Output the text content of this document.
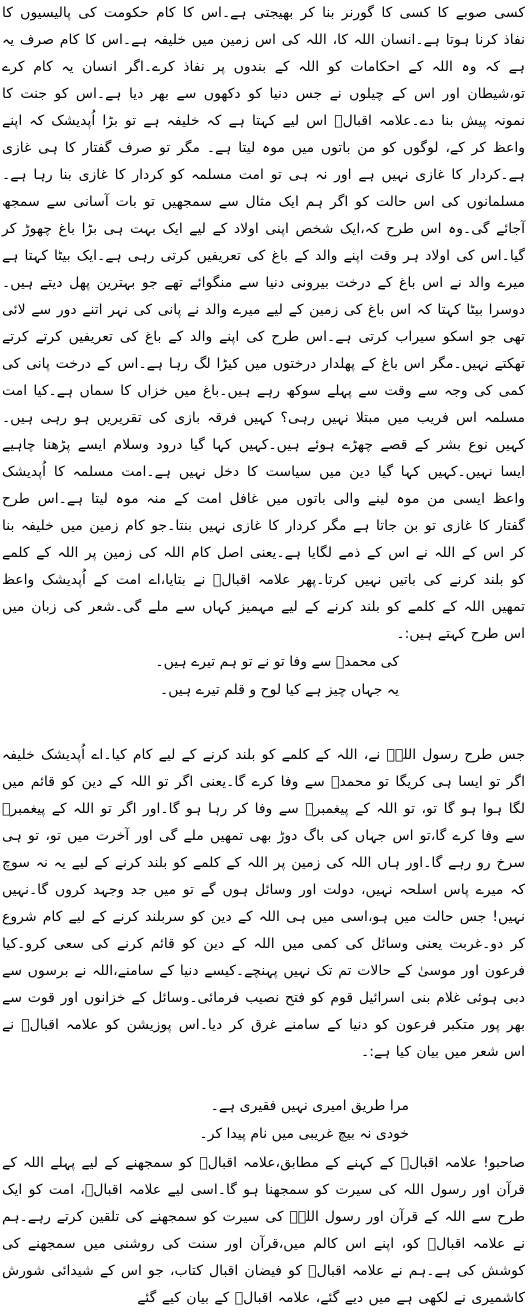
کسی صوبے کا کسی کا گورنر بنا کر بھیجتی ہے۔اس کا کام حکومت کی پالیسیوں کا نفاذ کرنا ہوتا ہے۔انسان اللہ کا، اللہ کی اس زمین میں خلیفہ ہے۔اس کا کام صرف یہ ہے کہ وہ اللہ کے احکامات کو اللہ کے بندوں پر نفاذ کرے۔اگر انسان یہ کام کرے تو،شیطان اور اس کے چیلوں نے جس دنیا کو دکھوں سے بھر دیا ہے۔اس کو جنت کا نمونہ پیش بنا دے۔علامہ اقبالؒ اس لیے کہتا ہے کہ خلیفہ ہے تو بڑا اُپدیشک کہ اپنے واعظ کر کے، لوگوں کو من باتوں میں موہ لیتا ہے۔ مگر تو صرف گفتار کا ہی غازی ہے۔کردار کا غازی نہیں ہے اور نہ ہی تو امت مسلمہ کو کردار کا غازی بنا رہا ہے۔مسلمانوں کی اس حالت کو اگر ہم ایک مثال سے سمجھیں تو بات آسانی سے سمجھ آجائے گی۔وہ اس طرح کہ،ایک شخص اپنی اولاد کے لیے ایک بہت ہی بڑا باغ چھوڑ کر گیا۔اس کی اولاد ہر وقت اپنے والد کے باغ کی تعریفیں کرتی رہی ہے۔ایک بیٹا کہتا ہے میرے والد نے اس باغ کے درخت بیرونی دنیا سے منگوائے تھے جو بہترین پھل دیتے ہیں۔دوسرا بیٹا کہتا کہ اس باغ کی زمین کے لیے میرے والد نے پانی کی نہر اتنے دور سے لائی تھی جو اسکو سیراب کرتی ہے۔اس طرح کی اپنے والد کے باغ کی تعریفیں کرتے کرتے تھکتے نہیں۔مگر اس باغ کے پھلدار درختوں میں کیڑا لگ رہا ہے۔اس کے درخت پانی کی کمی کی وجہ سے وقت سے پہلے سوکھ رہے ہیں۔باغ میں خزاں کا سماں ہے۔کیا امت مسلمہ اس فریب میں مبتلا نہیں رہی؟ کہیں فرقہ بازی کی تقریریں ہو رہی ہیں۔کہیں نوع بشر کے قصے چھڑے ہوئے ہیں۔کہیں کہا گیا درود وسلام ایسے پڑھنا چاہیے ایسا نہیں۔کہیں کہا گیا دین میں سیاست کا دخل نہیں ہے۔امت مسلمہ کا اُپدیشک واعظ ایسی من موہ لینے والی باتوں میں غافل امت کے منہ موہ لیتا ہے۔اس طرح گفتار کا غازی تو بن جاتا ہے مگر کردار کا غازی نہیں بنتا۔جو کام زمین میں خلیفہ بنا کر اس کے اللہ نے اس کے ذمے لگایا ہے۔یعنی اصل کام اللہ کی زمین پر اللہ کے کلمے کو بلند کرنے کی باتیں نہیں کرتا۔پھر علامہ اقبالؒ نے بتایا،اے امت کے اُپدیشک واعظ تمھیں اللہ کے کلمے کو بلند کرنے کے لیے مہمیز کہاں سے ملے گی۔شعر کی زبان میں اس طرح کہتے ہیں:۔

کی محمدؐ سے وفا تو نے تو ہم تیرے ہیں۔
یہ جہاں چیز ہے کیا لوح و قلم تیرے ہیں۔

جس طرح رسول اللہؐ نے، اللہ کے کلمے کو بلند کرنے کے لیے کام کیا۔اے اُپدیشک خلیفہ اگر تو ایسا ہی کریگا تو محمدؐ سے وفا کرے گا۔یعنی اگر تو اللہ کے دین کو قائم میں لگا ہوا ہو گا تو، تو اللہ کے پیغمبرؐ سے وفا کر رہا ہو گا۔اور اگر تو اللہ کے پیغمبرؐ سے وفا کرے گا،تو اس جہاں کی باگ دوڑ بھی تمھیں ملے گی اور آخرت میں تو، تو ہی سرخ رو رہے گا۔اور ہاں اللہ کی زمین پر اللہ کے کلمے کو بلند کرنے کے لیے یہ نہ سوچ کہ میرے پاس اسلحہ نہیں، دولت اور وسائل ہوں گے تو میں جد وجہد کروں گا۔نہیں نہیں! جس حالت میں ہو،اسی میں ہی اللہ کے دین کو سربلند کرنے کے لیے کام شروع کر دو۔غربت یعنی وسائل کی کمی میں اللہ کے دین کو قائم کرنے کی سعی کرو۔کیا فرعون اور موسیٰ کے حالات تم تک نہیں پہنچے۔کیسے دنیا کے سامنے،اللہ نے برسوں سے دبی ہوئی غلام بنی اسرائیل قوم کو فتح نصیب فرمائی۔وسائل کے خزانوں اور قوت سے بھر پور متکبر فرعون کو دنیا کے سامنے غرق کر دیا۔اس پوزیشن کو علامہ اقبالؒ نے اس شعر میں بیان کیا ہے:۔

مرا طریق امیری نہیں فقیری ہے۔
خودی نہ بیچ غریبی میں نام پیدا کر۔

صاحبو! علامہ اقبالؒ کے کہنے کے مطابق،علامہ اقبالؒ کو سمجھنے کے لیے پہلے اللہ کے قرآن اور رسول اللہ کی سیرت کو سمجھنا ہو گا۔اسی لیے علامہ اقبالؒ، امت کو ایک طرح سے اللہ کے قرآن اور رسول اللہؐ کی سیرت کو سمجھنے کی تلقین کرتے رہے۔ہم نے علامہ اقبالؒ کو، اپنے اس کالم میں،قرآن اور سنت کی روشنی میں سمجھنے کی کوشش کی ہے۔ہم نے علامہ اقبالؒ کو فیضان اقبال کتاب، جو اس کے شیدائی شورش کاشمیری نے لکھی ہے میں دیے گئے، علامہ اقبالؒ کے بیان کیے گئے
